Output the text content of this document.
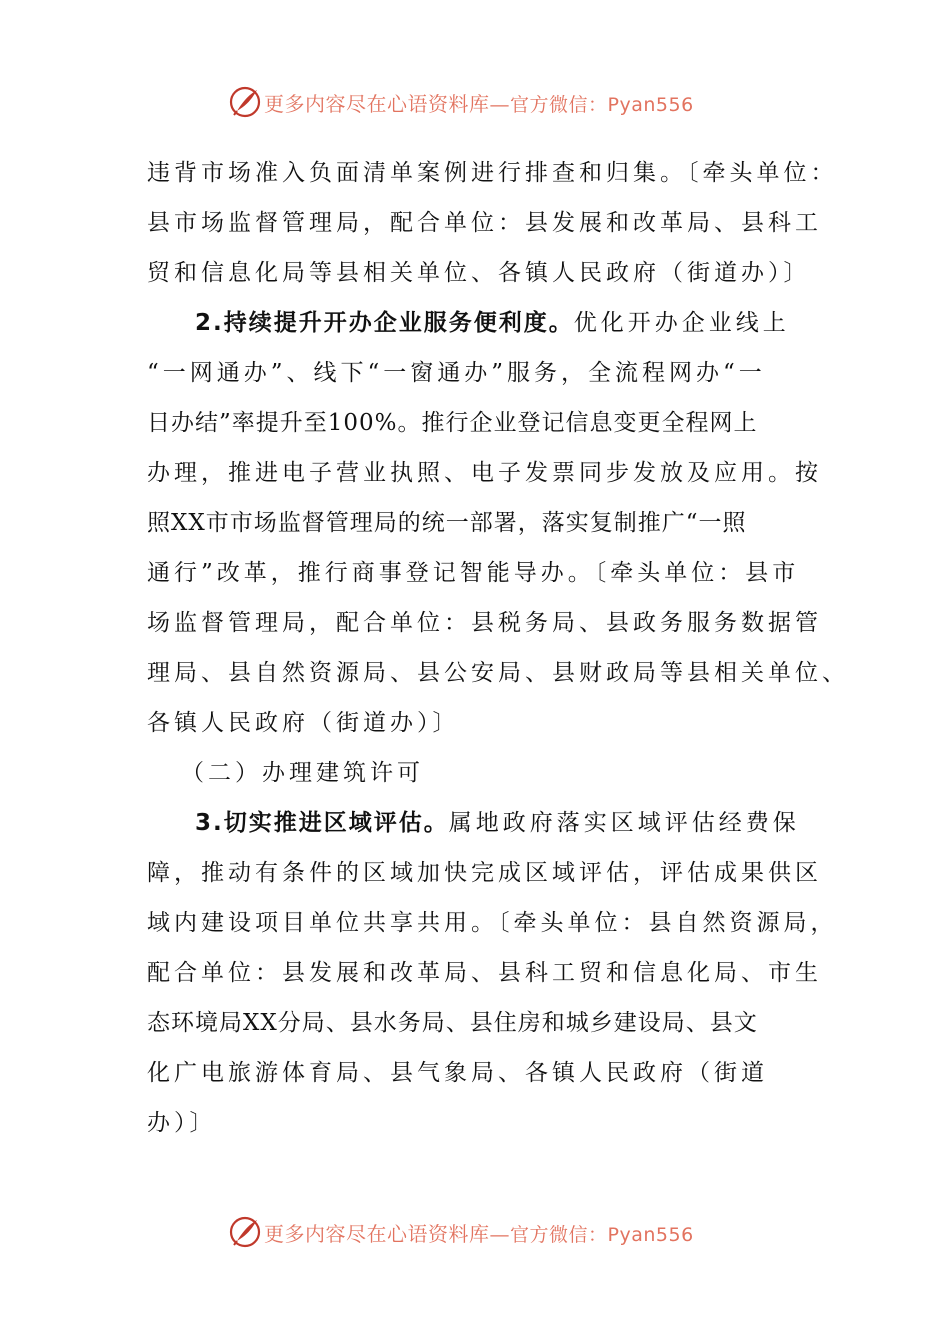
更多内容尽在心语资料库—官方微信：Pyan556
违背市场准入负面清单案例进行排查和归集。〔牵头单位：
县市场监督管理局，配合单位：县发展和改革局、县科工
贸和信息化局等县相关单位、各镇人民政府（街道办）〕
2.持续提升开办企业服务便利度。优化开办企业线上
“一网通办”、线下“一窗通办”服务，全流程网办“一
日办结”率提升至100%。推行企业登记信息变更全程网上
办理，推进电子营业执照、电子发票同步发放及应用。按
照XX市市场监督管理局的统一部署，落实复制推广“一照
通行”改革，推行商事登记智能导办。〔牵头单位：县市
场监督管理局，配合单位：县税务局、县政务服务数据管
理局、县自然资源局、县公安局、县财政局等县相关单位、
各镇人民政府（街道办）〕
（二）办理建筑许可
3.切实推进区域评估。属地政府落实区域评估经费保
障，推动有条件的区域加快完成区域评估，评估成果供区
域内建设项目单位共享共用。〔牵头单位：县自然资源局，
配合单位：县发展和改革局、县科工贸和信息化局、市生
态环境局XX分局、县水务局、县住房和城乡建设局、县文
化广电旅游体育局、县气象局、各镇人民政府（街道
办）〕
更多内容尽在心语资料库—官方微信：Pyan556
